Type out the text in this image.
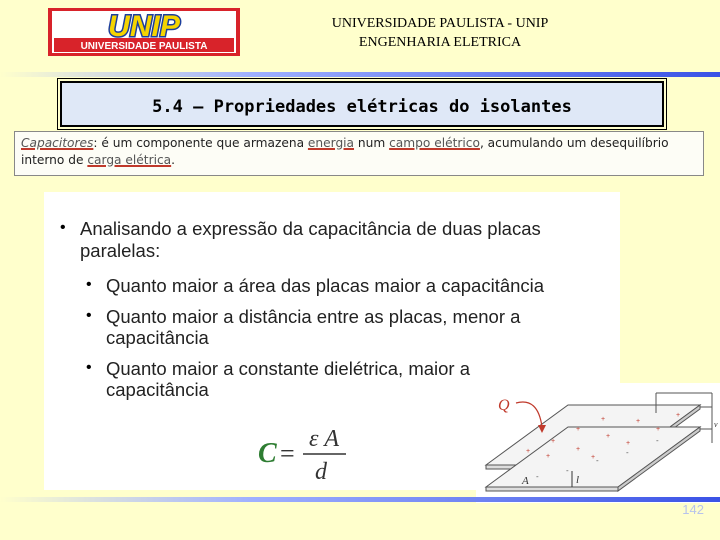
UNIP
UNIVERSIDADE PAULISTA
UNIVERSIDADE PAULISTA - UNIP
ENGENHARIA ELETRICA
5.4 – Propriedades elétricas do isolantes
Capacitores: é um componente que armazena energia num campo elétrico, acumulando um desequilíbrio
interno de carga elétrica.
• Analisando a expressão da capacitância de duas placas
paralelas:
• Quanto maior a área das placas maior a capacitância
• Quanto maior a distância entre as placas, menor a
capacitância
• Quanto maior a constante dielétrica, maior a
capacitância
C = ε A
d
+
+
+
+
+
+
+
+
+
+
+
+
-
-
-
-
-
Q
A	l
v
142
